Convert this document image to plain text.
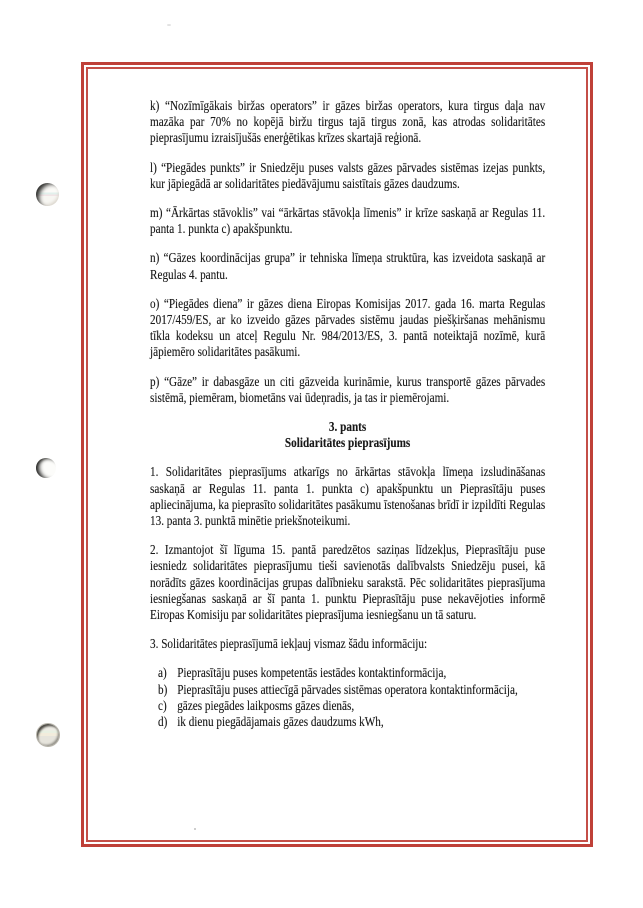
k) “Nozīmīgākais biržas operators” ir gāzes biržas operators, kura tirgus daļa nav mazāka par 70% no kopējā biržu tirgus tajā tirgus zonā, kas atrodas solidaritātes pieprasījumu izraisījušās enerģētikas krīzes skartajā reģionā.

l) “Piegādes punkts” ir Sniedzēju puses valsts gāzes pārvades sistēmas izejas punkts, kur jāpiegādā ar solidaritātes piedāvājumu saistītais gāzes daudzums.

m) “Ārkārtas stāvoklis” vai “ārkārtas stāvokļa līmenis” ir krīze saskaņā ar Regulas 11. panta 1. punkta c) apakšpunktu.

n) “Gāzes koordinācijas grupa” ir tehniska līmeņa struktūra, kas izveidota saskaņā ar Regulas 4. pantu.

o) “Piegādes diena” ir gāzes diena Eiropas Komisijas 2017. gada 16. marta Regulas 2017/459/ES, ar ko izveido gāzes pārvades sistēmu jaudas piešķiršanas mehānismu tīkla kodeksu un atceļ Regulu Nr. 984/2013/ES, 3. pantā noteiktajā nozīmē, kurā jāpiemēro solidaritātes pasākumi.

p) “Gāze” ir dabasgāze un citi gāzveida kurināmie, kurus transportē gāzes pārvades sistēmā, piemēram, biometāns vai ūdeņradis, ja tas ir piemērojami.

3. pants
Solidaritātes pieprasījums

1. Solidaritātes pieprasījums atkarīgs no ārkārtas stāvokļa līmeņa izsludināšanas saskaņā ar Regulas 11. panta 1. punkta c) apakšpunktu un Pieprasītāju puses apliecinājuma, ka pieprasīto solidaritātes pasākumu īstenošanas brīdī ir izpildīti Regulas 13. panta 3. punktā minētie priekšnoteikumi.

2. Izmantojot šī līguma 15. pantā paredzētos saziņas līdzekļus, Pieprasītāju puse iesniedz solidaritātes pieprasījumu tieši savienotās dalībvalsts Sniedzēju pusei, kā norādīts gāzes koordinācijas grupas dalībnieku sarakstā. Pēc solidaritātes pieprasījuma iesniegšanas saskaņā ar šī panta 1. punktu Pieprasītāju puse nekavējoties informē Eiropas Komisiju par solidaritātes pieprasījuma iesniegšanu un tā saturu.

3. Solidaritātes pieprasījumā iekļauj vismaz šādu informāciju:

a) Pieprasītāju puses kompetentās iestādes kontaktinformācija,
b) Pieprasītāju puses attiecīgā pārvades sistēmas operatora kontaktinformācija,
c) gāzes piegādes laikposms gāzes dienās,
d) ik dienu piegādājamais gāzes daudzums kWh,
